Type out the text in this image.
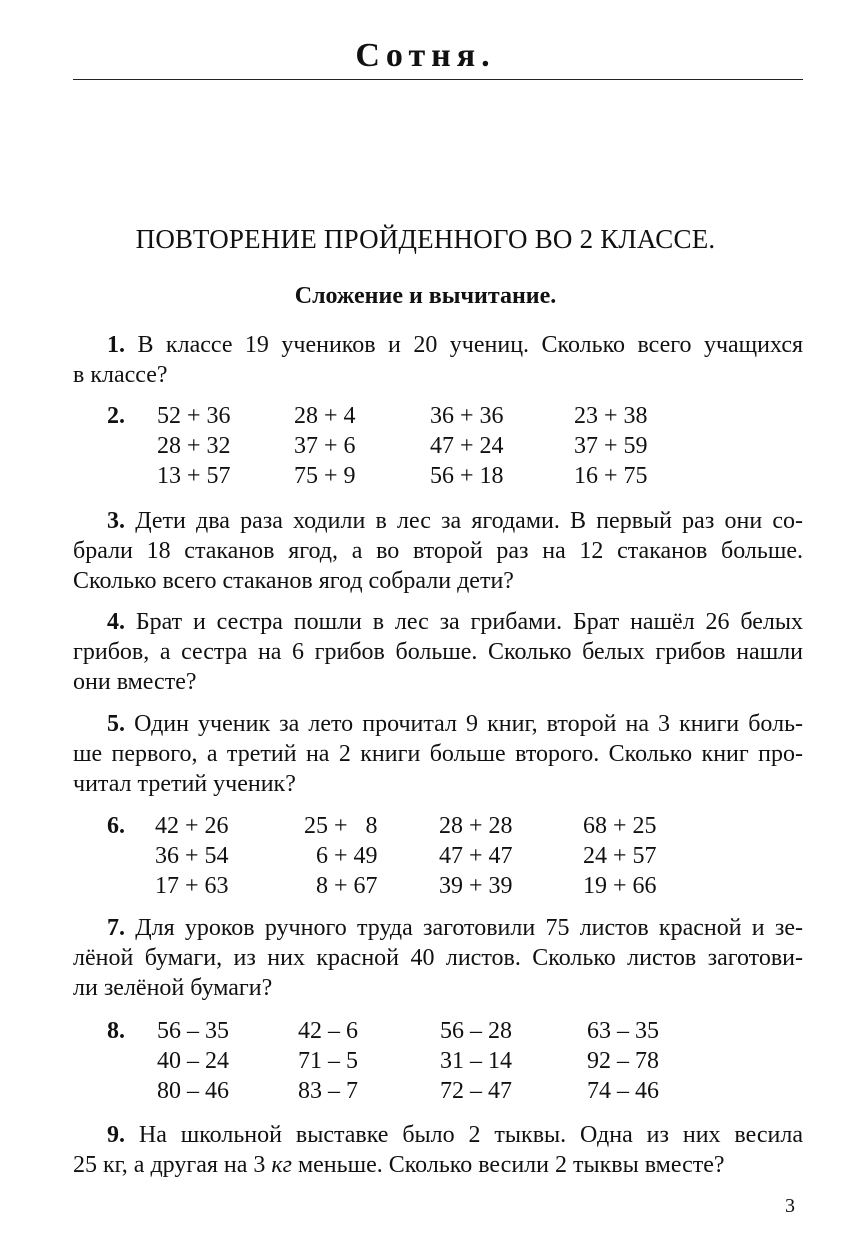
Сотня.
ПОВТОРЕНИЕ ПРОЙДЕННОГО ВО 2 КЛАССЕ.
Сложение и вычитание.
1. В классе 19 учеников и 20 учениц. Сколько всего учащихся
в классе?
2. 52 + 36
28 + 32
13 + 57
28 + 4
37 + 6
75 + 9
36 + 36
47 + 24
56 + 18
23 + 38
37 + 59
16 + 75
3. Дети два раза ходили в лес за ягодами. В первый раз они со-
брали 18 стаканов ягод, а во второй раз на 12 стаканов больше.
Сколько всего стаканов ягод собрали дети?
4. Брат и сестра пошли в лес за грибами. Брат нашёл 26 белых
грибов, а сестра на 6 грибов больше. Сколько белых грибов нашли
они вместе?
5. Один ученик за лето прочитал 9 книг, второй на 3 книги боль-
ше первого, а третий на 2 книги больше второго. Сколько книг про-
читал третий ученик?
6. 42 + 26
36 + 54
17 + 63
25 +   8
6 + 49
8 + 67
28 + 28
47 + 47
39 + 39
68 + 25
24 + 57
19 + 66
7. Для уроков ручного труда заготовили 75 листов красной и зе-
лёной бумаги, из них красной 40 листов. Сколько листов заготови-
ли зелёной бумаги?
8. 56 – 35
40 – 24
80 – 46
42 – 6
71 – 5
83 – 7
56 – 28
31 – 14
72 – 47
63 – 35
92 – 78
74 – 46
9. На школьной выставке было 2 тыквы. Одна из них весила
25 кг, а другая на 3 кг меньше. Сколько весили 2 тыквы вместе?
3
